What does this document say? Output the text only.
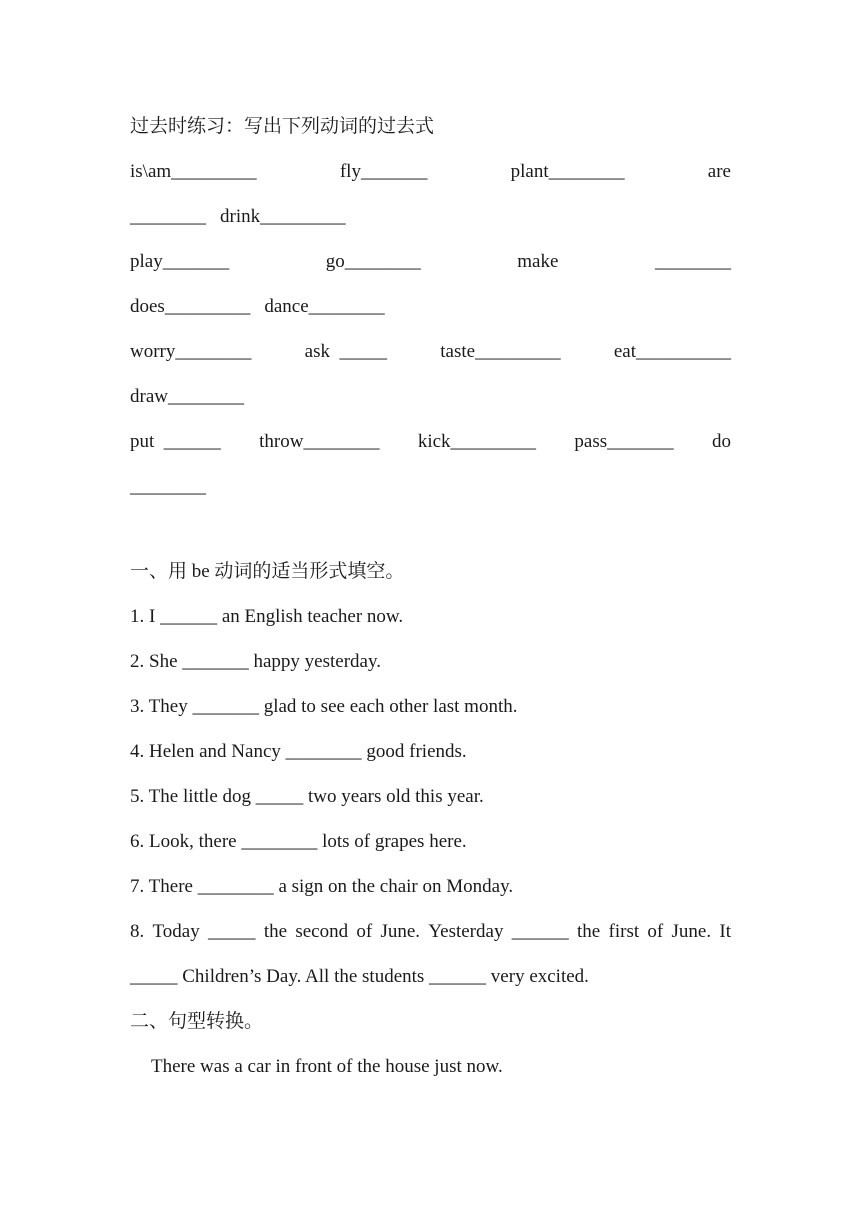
过去时练习：写出下列动词的过去式
is\am_________	fly_______	plant________	are
________ drink_________
play_______	go________	make	________
does_________ dance________
worry________	ask  _____	taste_________	eat__________
draw________
put  ______ throw________ kick_________ pass_______ do
________
一、用 be 动词的适当形式填空。
1. I ______ an English teacher now.
2. She _______ happy yesterday.
3. They _______ glad to see each other last month.
4. Helen and Nancy ________ good friends.
5. The little dog _____ two years old this year.
6. Look, there ________ lots of grapes here.
7. There ________ a sign on the chair on Monday.
8. Today _____ the second of June. Yesterday ______ the first of June. It
_____ Children’s Day. All the students ______ very excited.
二、句型转换。
There was a car in front of the house just now.
